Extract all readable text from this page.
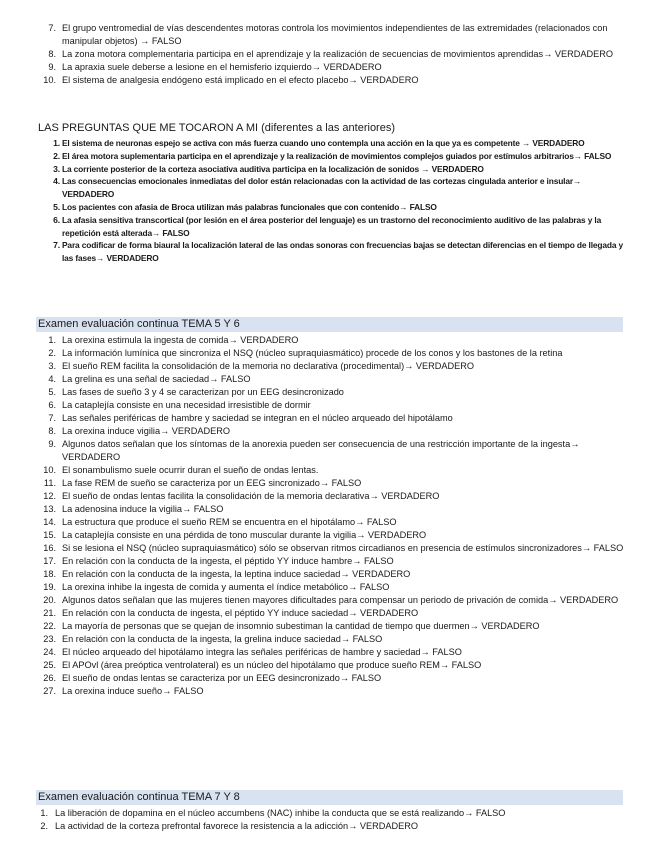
7. El grupo ventromedial de vías descendentes motoras controla los movimientos independientes de las extremidades (relacionados con manipular objetos) → FALSO
8. La zona motora complementaria participa en el aprendizaje y la realización de secuencias de movimientos aprendidas→ VERDADERO
9. La apraxia suele deberse a lesione en el hemisferio izquierdo→ VERDADERO
10. El sistema de analgesia endógeno está implicado en el efecto placebo→ VERDADERO
LAS PREGUNTAS QUE ME TOCARON A MI (diferentes a las anteriores)
1. El sistema de neuronas espejo se activa con más fuerza cuando uno contempla una acción en la que ya es competente → VERDADERO
2. El área motora suplementaria participa en el aprendizaje y la realización de movimientos complejos guiados por estímulos arbitrarios→ FALSO
3. La corriente posterior de la corteza asociativa auditiva participa en la localización de sonidos → VERDADERO
4. Las consecuencias emocionales inmediatas del dolor están relacionadas con la actividad de las cortezas cingulada anterior e insular→ VERDADERO
5. Los pacientes con afasia de Broca utilizan más palabras funcionales que con contenido→ FALSO
6. La afasia sensitiva transcortical (por lesión en el área posterior del lenguaje) es un trastorno del reconocimiento auditivo de las palabras y la repetición está alterada→ FALSO
7. Para codificar de forma biaural la localización lateral de las ondas sonoras con frecuencias bajas se detectan diferencias en el tiempo de llegada y las fases→ VERDADERO
Examen evaluación continua TEMA 5 Y 6
1. La orexina estimula la ingesta de comida→ VERDADERO
2. La información lumínica que sincroniza el NSQ (núcleo supraquiasmático) procede de los conos y los bastones de la retina
3. El sueño REM facilita la consolidación de la memoria no declarativa (procedimental)→ VERDADERO
4. La grelina es una señal de saciedad→ FALSO
5. Las fases de sueño 3 y 4 se caracterizan por un EEG desincronizado
6. La cataplejía consiste en una necesidad irresistible de dormir
7. Las señales periféricas de hambre y saciedad se integran en el núcleo arqueado del hipotálamo
8. La orexina induce vigilia→ VERDADERO
9. Algunos datos señalan que los síntomas de la anorexia pueden ser consecuencia de una restricción importante de la ingesta→ VERDADERO
10. El sonambulismo suele ocurrir duran el sueño de ondas lentas.
11. La fase REM de sueño se caracteriza por un EEG sincronizado→ FALSO
12. El sueño de ondas lentas facilita la consolidación de la memoria declarativa→ VERDADERO
13. La adenosina induce la vigilia→ FALSO
14. La estructura que produce el sueño REM se encuentra en el hipotálamo→ FALSO
15. La cataplejía consiste en una pérdida de tono muscular durante la vigilia→ VERDADERO
16. Si se lesiona el NSQ (núcleo supraquiasmático) sólo se observan ritmos circadianos en presencia de estímulos sincronizadores→ FALSO
17. En relación con la conducta de la ingesta, el péptido YY induce hambre→ FALSO
18. En relación con la conducta de la ingesta, la leptina induce saciedad→ VERDADERO
19. La orexina inhibe la ingesta de comida y aumenta el índice metabólico→ FALSO
20. Algunos datos señalan que las mujeres tienen mayores dificultades para compensar un periodo de privación de comida→ VERDADERO
21. En relación con la conducta de ingesta, el péptido YY induce saciedad→ VERDADERO
22. La mayoría de personas que se quejan de insomnio subestiman la cantidad de tiempo que duermen→ VERDADERO
23. En relación con la conducta de la ingesta, la grelina induce saciedad→ FALSO
24. El núcleo arqueado del hipotálamo integra las señales periféricas de hambre y saciedad→ FALSO
25. El APOvl (área preóptica ventrolateral) es un núcleo del hipotálamo que produce sueño REM→ FALSO
26. El sueño de ondas lentas se caracteriza por un EEG desincronizado→ FALSO
27. La orexina induce sueño→ FALSO
Examen evaluación continua TEMA 7 Y 8
1. La liberación de dopamina en el núcleo accumbens (NAC) inhibe la conducta que se está realizando→ FALSO
2. La actividad de la corteza prefrontal favorece la resistencia a la adicción→ VERDADERO
